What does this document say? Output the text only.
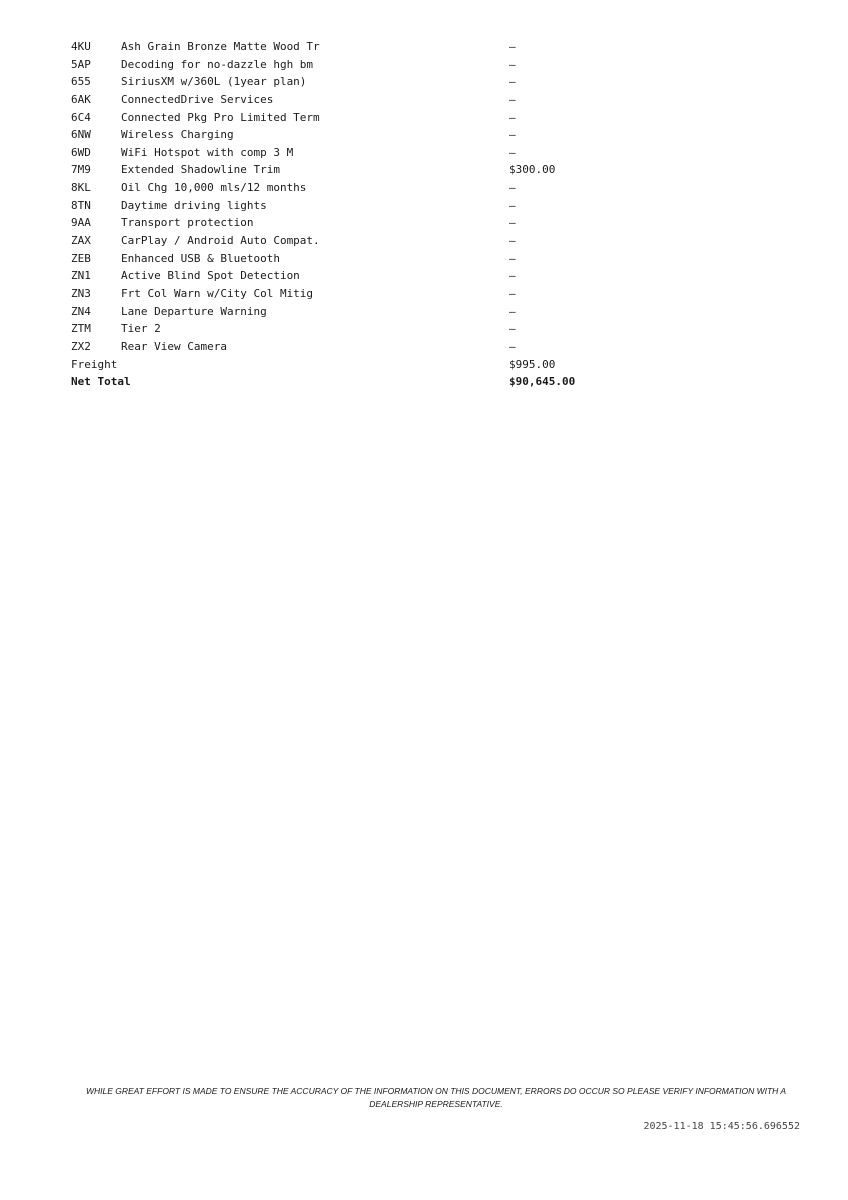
4KU	Ash Grain Bronze Matte Wood Tr	—
5AP	Decoding for no-dazzle hgh bm	—
655	SiriusXM w/360L (1year plan)	—
6AK	ConnectedDrive Services	—
6C4	Connected Pkg Pro Limited Term	—
6NW	Wireless Charging	—
6WD	WiFi Hotspot with comp 3 M	—
7M9	Extended Shadowline Trim	$300.00
8KL	Oil Chg 10,000 mls/12 months	—
8TN	Daytime driving lights	—
9AA	Transport protection	—
ZAX	CarPlay / Android Auto Compat.	—
ZEB	Enhanced USB & Bluetooth	—
ZN1	Active Blind Spot Detection	—
ZN3	Frt Col Warn w/City Col Mitig	—
ZN4	Lane Departure Warning	—
ZTM	Tier 2	—
ZX2	Rear View Camera	—
Freight	$995.00
Net Total	$90,645.00
WHILE GREAT EFFORT IS MADE TO ENSURE THE ACCURACY OF THE INFORMATION ON THIS DOCUMENT, ERRORS DO OCCUR SO PLEASE VERIFY INFORMATION WITH A DEALERSHIP REPRESENTATIVE.
2025-11-18 15:45:56.696552
